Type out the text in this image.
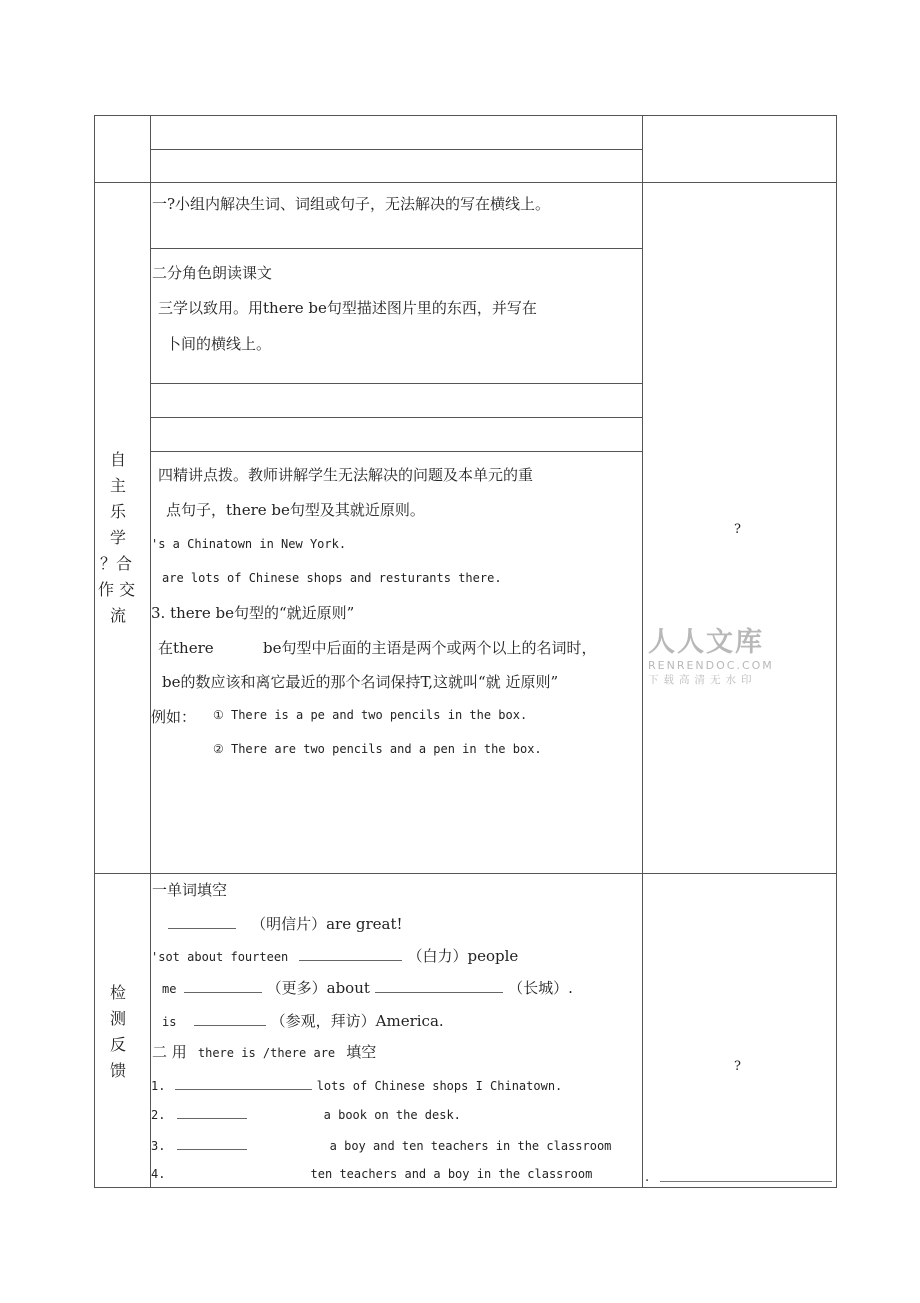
自
主
乐
学
？合
作 交
流
一?小组内解决生词、词组或句子，无法解决的写在横线上。
二分角色朗读课文
三学以致用。用there be句型描述图片里的东西，并写在
卜间的横线上。
四精讲点拨。教师讲解学生无法解决的问题及本单元的重
点句子，there be句型及其就近原则。
's a Chinatown in New York.
are lots of Chinese shops and resturants there.
3. there be句型的“就近原则”
在there	be句型中后面的主语是两个或两个以上的名词时，
be的数应该和离它最近的那个名词保持T,这就叫“就 近原则”
例如： ① There is a pe and two pencils in the box.
② There are two pencils and a pen in the box.
?
?
.
人人文库
RENRENDOC.COM
下载高清无水印
检
测
反
馈
一单词填空
（明信片）are great!
'sot about fourteen	（白力）people
me	（更多）about	（长城）.
is	（参观，拜访）America.
二 用 there is /there are 填空
1.	lots of Chinese shops I Chinatown.
2.	a book on the desk.
3.	a boy and ten teachers in the classroom
4.	ten teachers and a boy in the classroom
